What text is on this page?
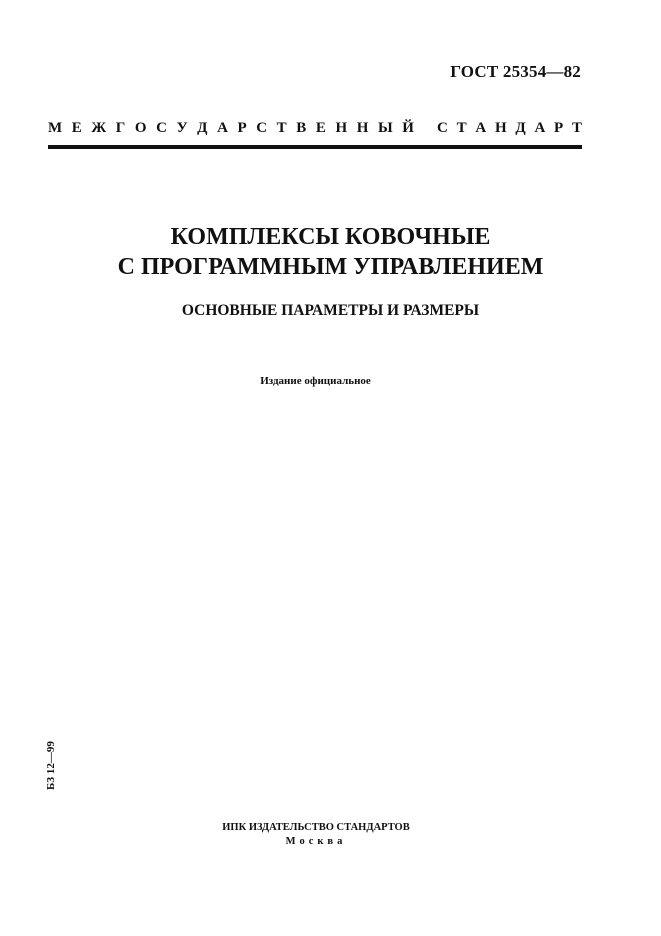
ГОСТ 25354—82
М Е Ж Г О С У Д А Р С Т В Е Н Н Ы Й С Т А Н Д А Р Т
КОМПЛЕКСЫ КОВОЧНЫЕ
С ПРОГРАММНЫМ УПРАВЛЕНИЕМ
ОСНОВНЫЕ ПАРАМЕТРЫ И РАЗМЕРЫ
Издание официальное
БЗ 12—99
ИПК ИЗДАТЕЛЬСТВО СТАНДАРТОВ
Москва
